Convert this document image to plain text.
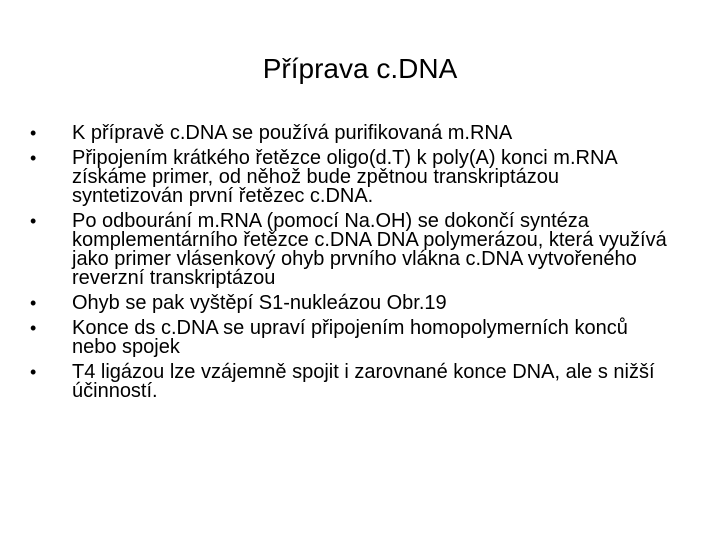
Příprava c.DNA
• K přípravě c.DNA se používá purifikovaná m.RNA
• Připojením krátkého řetězce oligo(d.T) k poly(A) konci m.RNA získáme primer, od něhož bude zpětnou transkriptázou syntetizován první řetězec c.DNA.
• Po odbourání m.RNA (pomocí Na.OH) se dokončí syntéza komplementárního řetězce c.DNA DNA polymerázou, která využívá jako primer vlásenkový ohyb prvního vlákna c.DNA vytvořeného reverzní transkriptázou
• Ohyb se pak vyštěpí S1-nukleázou Obr.19
• Konce ds c.DNA se upraví připojením homopolymerních konců nebo spojek
• T4 ligázou lze vzájemně spojit i zarovnané konce DNA, ale s nižší účinností.
